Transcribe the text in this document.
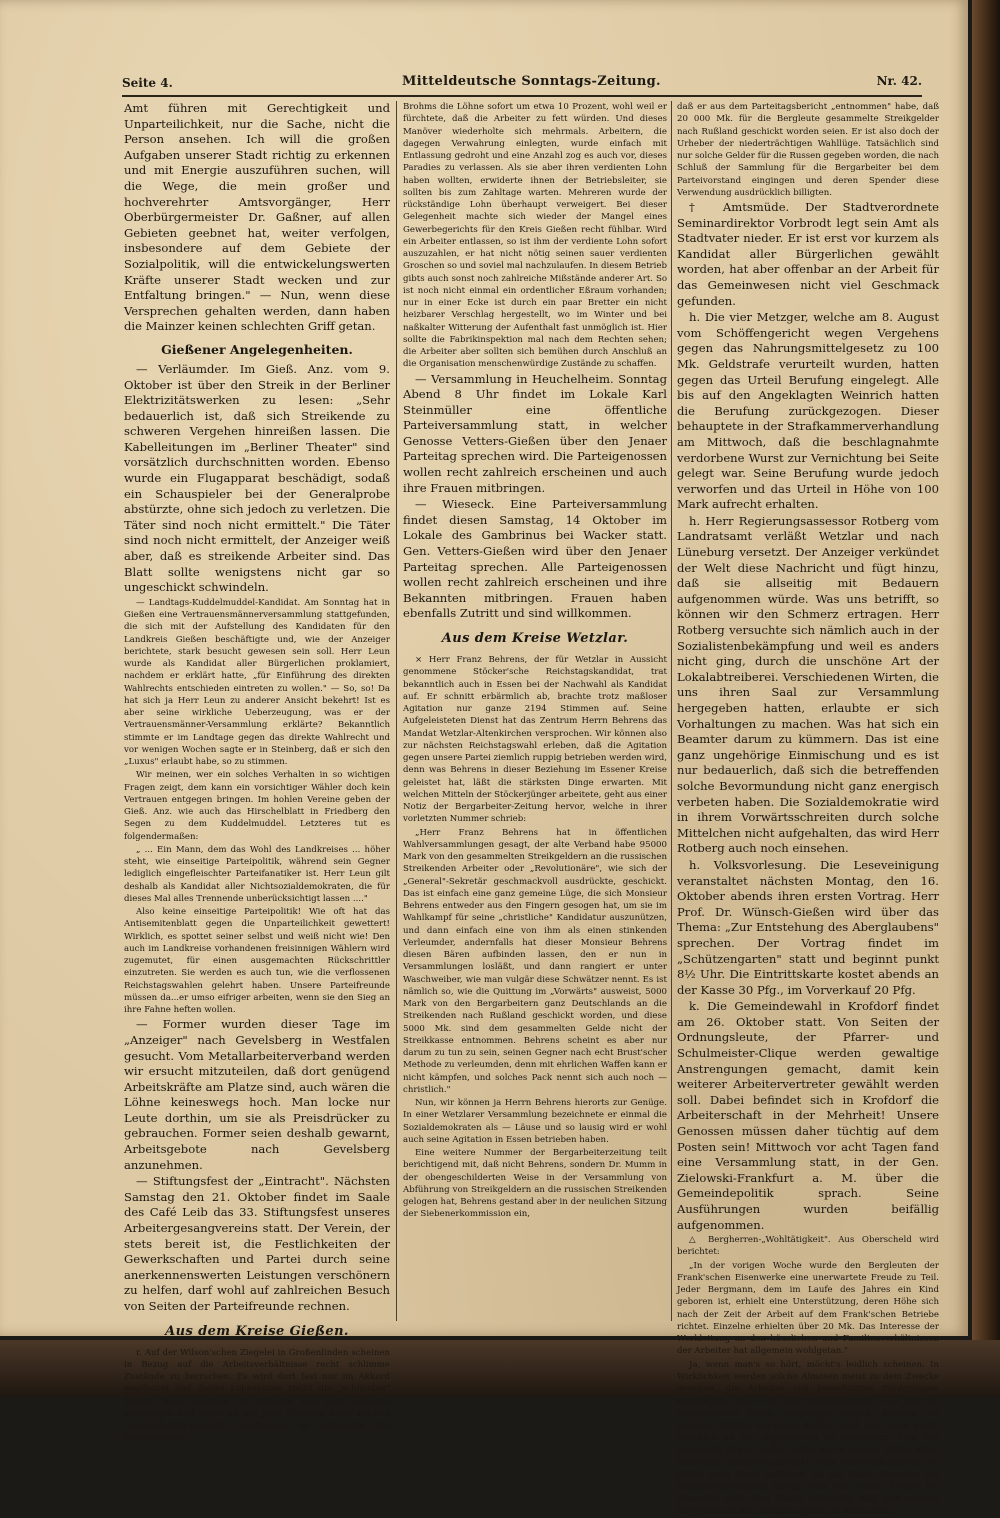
Seite 4.	Mitteldeutsche Sonntags-Zeitung.	Nr. 42.

Amt führen mit Gerechtigkeit und Unparteilichkeit, nur die Sache, nicht die Person ansehen. Ich will die großen Aufgaben unserer Stadt richtig zu erkennen und mit Energie auszuführen suchen, will die Wege, die mein großer und hochverehrter Amtsvorgänger, Herr Oberbürgermeister Dr. Gaßner, auf allen Gebieten geebnet hat, weiter verfolgen, insbesondere auf dem Gebiete der Sozialpolitik, will die entwickelungswerten Kräfte unserer Stadt wecken und zur Entfaltung bringen." — Nun, wenn diese Versprechen gehalten werden, dann haben die Mainzer keinen schlechten Griff getan.

Gießener Angelegenheiten.

— Verläumder. Im Gieß. Anz. vom 9. Oktober ist über den Streik in der Berliner Elektrizitätswerken zu lesen: „Sehr bedauerlich ist, daß sich Streikende zu schweren Vergehen hinreißen lassen. Die Kabelleitungen im „Berliner Theater" sind vorsätzlich durchschnitten worden. Ebenso wurde ein Flugapparat beschädigt, sodaß ein Schauspieler bei der Generalprobe abstürzte, ohne sich jedoch zu verletzen. Die Täter sind noch nicht ermittelt." Die Täter sind noch nicht ermittelt, der Anzeiger weiß aber, daß es streikende Arbeiter sind. Das Blatt sollte wenigstens nicht gar so ungeschickt schwindeln.

— Landtags-Kuddelmuddel-Kandidat. Am Sonntag hat in Gießen eine Vertrauensmännerversammlung stattgefunden, die sich mit der Aufstellung des Kandidaten für den Landkreis Gießen beschäftigte und, wie der Anzeiger berichtete, stark besucht gewesen sein soll. Herr Leun wurde als Kandidat aller Bürgerlichen proklamiert, nachdem er erklärt hatte, „für Einführung des direkten Wahlrechts entschieden eintreten zu wollen." — So, so! Da hat sich ja Herr Leun zu anderer Ansicht bekehrt! Ist es aber seine wirkliche Ueberzeugung, was er der Vertrauensmänner-Versammlung erklärte? Bekanntlich stimmte er im Landtage gegen das direkte Wahlrecht und vor wenigen Wochen sagte er in Steinberg, daß er sich den „Luxus" erlaubt habe, so zu stimmen.

Wir meinen, wer ein solches Verhalten in so wichtigen Fragen zeigt, dem kann ein vorsichtiger Wähler doch kein Vertrauen entgegen bringen. Im hohlen Vereine geben der Gieß. Anz. wie auch das Hirschelblatt in Friedberg den Segen zu dem Kuddelmuddel. Letzteres tut es folgendermaßen:

„ ... Ein Mann, dem das Wohl des Landkreises ... höher steht, wie einseitige Parteipolitik, während sein Gegner lediglich eingefleischter Parteifanatiker ist. Herr Leun gilt deshalb als Kandidat aller Nichtsozialdemokraten, die für dieses Mal alles Trennende unberücksichtigt lassen ...."

Also keine einseitige Parteipolitik! Wie oft hat das Antisemitenblatt gegen die Unparteilichkeit gewettert! Wirklich, es spottet seiner selbst und weiß nicht wie! Den auch im Landkreise vorhandenen freisinnigen Wählern wird zugemutet, für einen ausgemachten Rückschrittler einzutreten. Sie werden es auch tun, wie die verflossenen Reichstagswahlen gelehrt haben. Unsere Parteifreunde müssen da...er umso eifriger arbeiten, wenn sie den Sieg an ihre Fahne heften wollen.

— Former wurden dieser Tage im „Anzeiger" nach Gevelsberg in Westfalen gesucht. Vom Metallarbeiterverband werden wir ersucht mitzuteilen, daß dort genügend Arbeitskräfte am Platze sind, auch wären die Löhne keineswegs hoch. Man locke nur Leute dorthin, um sie als Preisdrücker zu gebrauchen. Former seien deshalb gewarnt, Arbeitsgebote nach Gevelsberg anzunehmen.

— Stiftungsfest der „Eintracht". Nächsten Samstag den 21. Oktober findet im Saale des Café Leib das 33. Stiftungsfest unseres Arbeitergesangvereins statt. Der Verein, der stets bereit ist, die Festlichkeiten der Gewerkschaften und Partei durch seine anerkennenswerten Leistungen verschönern zu helfen, darf wohl auf zahlreichen Besuch von Seiten der Parteifreunde rechnen.

Aus dem Kreise Gießen.

r. Auf der Wilson'schen Ziegelei in Großenlinden scheinen in Bezug auf die Arbeitsverhältnisse recht schlimme Zustände zu herrschen. Es wird dort fast nur im Akkord gearbeitet und dieses Lohnsystem treibt die „schönsten" Blüten. Wenn nämlich die Arbeiter sich aufs äußerste anstrengen und dabei an per paar Pfennige mehr als den Durchschnitts-Tagelohn verdienten, so reduzierte der Betriebsleiter

Brohms die Löhne sofort um etwa 10 Prozent, wohl weil er fürchtete, daß die Arbeiter zu fett würden. Und dieses Manöver wiederholte sich mehrmals. Arbeitern, die dagegen Verwahrung einlegten, wurde einfach mit Entlassung gedroht und eine Anzahl zog es auch vor, dieses Paradies zu verlassen. Als sie aber ihren verdienten Lohn haben wollten, erwiderte ihnen der Betriebsleiter, sie sollten bis zum Zahltage warten. Mehreren wurde der rückständige Lohn überhaupt verweigert. Bei dieser Gelegenheit machte sich wieder der Mangel eines Gewerbegerichts für den Kreis Gießen recht fühlbar. Wird ein Arbeiter entlassen, so ist ihm der verdiente Lohn sofort auszuzahlen, er hat nicht nötig seinen sauer verdienten Groschen so und soviel mal nachzulaufen. In diesem Betrieb gibts auch sonst noch zahlreiche Mißstände anderer Art. So ist noch nicht einmal ein ordentlicher Eßraum vorhanden; nur in einer Ecke ist durch ein paar Bretter ein nicht heizbarer Verschlag hergestellt, wo im Winter und bei naßkalter Witterung der Aufenthalt fast unmöglich ist. Hier sollte die Fabrikinspektion mal nach dem Rechten sehen; die Arbeiter aber sollten sich bemühen durch Anschluß an die Organisation menschenwürdige Zustände zu schaffen.

— Versammlung in Heuchelheim. Sonntag Abend 8 Uhr findet im Lokale Karl Steinmüller eine öffentliche Parteiversammlung statt, in welcher Genosse Vetters-Gießen über den Jenaer Parteitag sprechen wird. Die Parteigenossen wollen recht zahlreich erscheinen und auch ihre Frauen mitbringen.

— Wieseck. Eine Parteiversammlung findet diesen Samstag, 14 Oktober im Lokale des Gambrinus bei Wacker statt. Gen. Vetters-Gießen wird über den Jenaer Parteitag sprechen. Alle Parteigenossen wollen recht zahlreich erscheinen und ihre Bekannten mitbringen. Frauen haben ebenfalls Zutritt und sind willkommen.

Aus dem Kreise Wetzlar.

× Herr Franz Behrens, der für Wetzlar in Aussicht genommene Stöcker'sche Reichstagskandidat, trat bekanntlich auch in Essen bei der Nachwahl als Kandidat auf. Er schnitt erbärmlich ab, brachte trotz maßloser Agitation nur ganze 2194 Stimmen auf. Seine Aufgeleisteten Dienst hat das Zentrum Herrn Behrens das Mandat Wetzlar-Altenkirchen versprochen. Wir können also zur nächsten Reichstagswahl erleben, daß die Agitation gegen unsere Partei ziemlich ruppig betrieben werden wird, denn was Behrens in dieser Beziehung im Essener Kreise geleistet hat, läßt die stärksten Dinge erwarten. Mit welchen Mitteln der Stöckerjünger arbeitete, geht aus einer Notiz der Bergarbeiter-Zeitung hervor, welche in ihrer vorletzten Nummer schrieb:

„Herr Franz Behrens hat in öffentlichen Wahlversammlungen gesagt, der alte Verband habe 95000 Mark von den gesammelten Streikgeldern an die russischen Streikenden Arbeiter oder „Revolutionäre", wie sich der „General"-Sekretär geschmackvoll ausdrückte, geschickt. Das ist einfach eine ganz gemeine Lüge, die sich Monsieur Behrens entweder aus den Fingern gesogen hat, um sie im Wahlkampf für seine „christliche" Kandidatur auszunützen, und dann einfach eine von ihm als einen stinkenden Verleumder, andernfalls hat dieser Monsieur Behrens diesen Bären aufbinden lassen, den er nun in Versammlungen losläßt, und dann rangiert er unter Waschweiber, wie man vulgär diese Schwätzer nennt. Es ist nämlich so, wie die Quittung im „Vorwärts" ausweist, 5000 Mark von den Bergarbeitern ganz Deutschlands an die Streikenden nach Rußland geschickt worden, und diese 5000 Mk. sind dem gesammelten Gelde nicht der Streikkasse entnommen. Behrens scheint es aber nur darum zu tun zu sein, seinen Gegner nach echt Brust'scher Methode zu verleumden, denn mit ehrlichen Waffen kann er nicht kämpfen, und solches Pack nennt sich auch noch — christlich."

Nun, wir können ja Herrn Behrens hierorts zur Genüge. In einer Wetzlarer Versammlung bezeichnete er einmal die Sozialdemokraten als — Läuse und so lausig wird er wohl auch seine Agitation in Essen betrieben haben.

Eine weitere Nummer der Bergarbeiterzeitung teilt berichtigend mit, daß nicht Behrens, sondern Dr. Mumm in der obengeschilderten Weise in der Versammlung von Abführung von Streikgeldern an die russischen Streikenden gelogen hat, Behrens gestand aber in der neulichen Sitzung der Siebenerkommission ein,

daß er aus dem Parteitagsbericht „entnommen" habe, daß 20 000 Mk. für die Bergleute gesammelte Streikgelder nach Rußland geschickt worden seien. Er ist also doch der Urheber der niederträchtigen Wahllüge. Tatsächlich sind nur solche Gelder für die Russen gegeben worden, die nach Schluß der Sammlung für die Bergarbeiter bei dem Parteivorstand eingingen und deren Spender diese Verwendung ausdrücklich billigten.

† Amtsmüde. Der Stadtverordnete Seminardirektor Vorbrodt legt sein Amt als Stadtvater nieder. Er ist erst vor kurzem als Kandidat aller Bürgerlichen gewählt worden, hat aber offenbar an der Arbeit für das Gemeinwesen nicht viel Geschmack gefunden.

h. Die vier Metzger, welche am 8. August vom Schöffengericht wegen Vergehens gegen das Nahrungsmittelgesetz zu 100 Mk. Geldstrafe verurteilt wurden, hatten gegen das Urteil Berufung eingelegt. Alle bis auf den Angeklagten Weinrich hatten die Berufung zurückgezogen. Dieser behauptete in der Strafkammerverhandlung am Mittwoch, daß die beschlagnahmte verdorbene Wurst zur Vernichtung bei Seite gelegt war. Seine Berufung wurde jedoch verworfen und das Urteil in Höhe von 100 Mark aufrecht erhalten.

h. Herr Regierungsassessor Rotberg vom Landratsamt verläßt Wetzlar und nach Lüneburg versetzt. Der Anzeiger verkündet der Welt diese Nachricht und fügt hinzu, daß sie allseitig mit Bedauern aufgenommen würde. Was uns betrifft, so können wir den Schmerz ertragen. Herr Rotberg versuchte sich nämlich auch in der Sozialistenbekämpfung und weil es anders nicht ging, durch die unschöne Art der Lokalabtreiberei. Verschiedenen Wirten, die uns ihren Saal zur Versammlung hergegeben hatten, erlaubte er sich Vorhaltungen zu machen. Was hat sich ein Beamter darum zu kümmern. Das ist eine ganz ungehörige Einmischung und es ist nur bedauerlich, daß sich die betreffenden solche Bevormundung nicht ganz energisch verbeten haben. Die Sozialdemokratie wird in ihrem Vorwärtsschreiten durch solche Mittelchen nicht aufgehalten, das wird Herr Rotberg auch noch einsehen.

h. Volksvorlesung. Die Leseveinigung veranstaltet nächsten Montag, den 16. Oktober abends ihren ersten Vortrag. Herr Prof. Dr. Wünsch-Gießen wird über das Thema: „Zur Entstehung des Aberglaubens" sprechen. Der Vortrag findet im „Schützengarten" statt und beginnt punkt 8½ Uhr. Die Eintrittskarte kostet abends an der Kasse 30 Pfg., im Vorverkauf 20 Pfg.

k. Die Gemeindewahl in Krofdorf findet am 26. Oktober statt. Von Seiten der Ordnungsleute, der Pfarrer- und Schulmeister-Clique werden gewaltige Anstrengungen gemacht, damit kein weiterer Arbeitervertreter gewählt werden soll. Dabei befindet sich in Krofdorf die Arbeiterschaft in der Mehrheit! Unsere Genossen müssen daher tüchtig auf dem Posten sein! Mittwoch vor acht Tagen fand eine Versammlung statt, in der Gen. Zielowski-Frankfurt a. M. über die Gemeindepolitik sprach. Seine Ausführungen wurden beifällig aufgenommen.

△ Bergherren-„Wohltätigkeit". Aus Oberscheld wird berichtet:

„In der vorigen Woche wurde den Bergleuten der Frank'schen Eisenwerke eine unerwartete Freude zu Teil. Jeder Bergmann, dem im Laufe des Jahres ein Kind geboren ist, erhielt eine Unterstützung, deren Höhe sich nach der Zeit der Arbeit auf dem Frank'schen Betriebe richtet. Einzelne erhielten über 20 Mk. Das Interesse der Werkleitung an den häuslichen und Familienverhältnissen der Arbeiter hat allgemein wohlgetan."

Ja, wenn man's so hört, möcht's leidlich scheinen. In Wirklichkeit werden solche Almosen meist zu dem Zwecke gegeben, die Arbeiter von berechtigten Forderungen abzuhalten. Und es ist sehr wahrscheinlich, daß sich die Grubenherren etwas freigebiger zeigen, seitdem sie merken, daß die Bergleute bemüht sind, ihre Lage durch Anschluß an die Organisation zu verbessern. Und wie notwendig das ist, dafür haben wir in unserm Blatte schon zahlreiche Beispiele gebracht. Zum Ueberfluß können wir gleich noch eines anführen, da die letzte Nummer der Bergarbeiterzeitung bringt. Von der Grube Ottilie bei Braunfels wird dem Blatte mitgeteilt, daß dort einigen Bergleuten in drei Monaten jedem 30 Mark nicht
